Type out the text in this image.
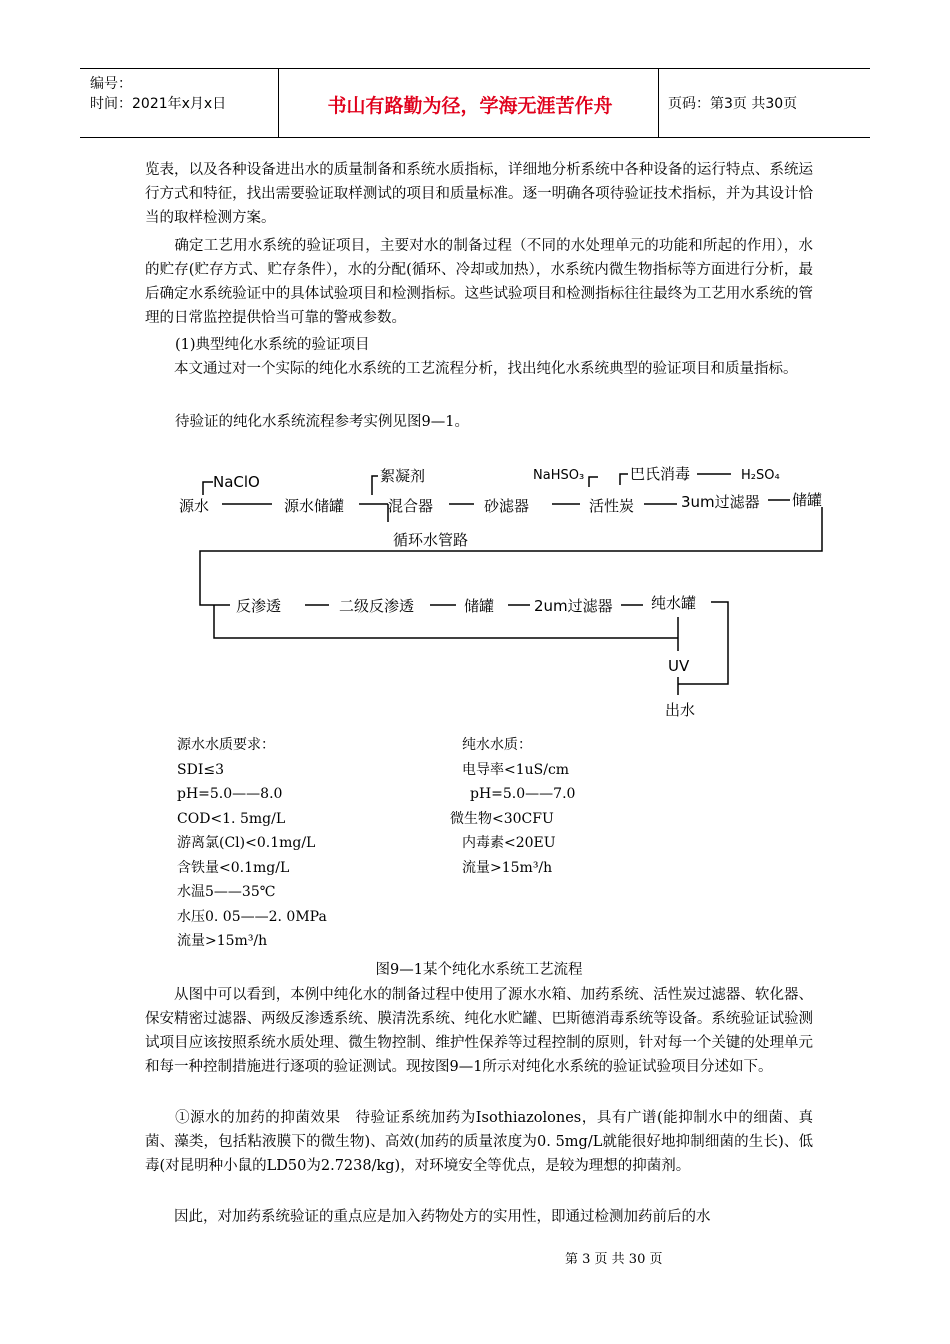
编号：
时间：2021年x月x日	书山有路勤为径，学海无涯苦作舟	页码：第3页 共30页

览表，以及各种设备进出水的质量制备和系统水质指标，详细地分析系统中各种设备的运行特点、系统运行方式和特征，找出需要验证取样测试的项目和质量标准。逐一明确各项待验证技术指标，并为其设计恰当的取样检测方案。

　　确定工艺用水系统的验证项目，主要对水的制备过程（不同的水处理单元的功能和所起的作用），水的贮存(贮存方式、贮存条件），水的分配(循环、冷却或加热），水系统内微生物指标等方面进行分析，最后确定水系统验证中的具体试验项目和检测指标。这些试验项目和检测指标往往最终为工艺用水系统的管理的日常监控提供恰当可靠的警戒参数。

(1)典型纯化水系统的验证项目

　　本文通过对一个实际的纯化水系统的工艺流程分析，找出纯化水系统典型的验证项目和质量指标。

待验证的纯化水系统流程参考实例见图9—1。
NaClO
源水	源水储罐
絮凝剂
混合器	砂滤器
NaHSO₃	巴氏消毒	H₂SO₄
活性炭	3um过滤器 储罐
循环水管路
反渗透	二级反渗透	储罐	2um过滤器	纯水罐
UV
出水
源水水质要求：
SDI≤3
pH=5.0——8.0
COD<1. 5mg/L
游离氯(Cl)<0.1mg/L
含铁量<0.1mg/L
水温5——35℃
水压0. 05——2. 0MPa
流量>15m³/h
纯水水质：
电导率<1uS/cm
pH=5.0——7.0
微生物<30CFU
内毒素<20EU
流量>15m³/h
图9—1某个纯化水系统工艺流程

　　从图中可以看到，本例中纯化水的制备过程中使用了源水水箱、加药系统、活性炭过滤器、软化器、保安精密过滤器、两级反渗透系统、膜清洗系统、纯化水贮罐、巴斯德消毒系统等设备。系统验证试验测试项目应该按照系统水质处理、微生物控制、维护性保养等过程控制的原则，针对每一个关键的处理单元和每一种控制措施进行逐项的验证测试。现按图9—1所示对纯化水系统的验证试验项目分述如下。

　　①源水的加药的抑菌效果　待验证系统加药为Isothiazolones，具有广谱(能抑制水中的细菌、真菌、藻类，包括粘液膜下的微生物)、高效(加药的质量浓度为0. 5mg/L就能很好地抑制细菌的生长)、低毒(对昆明种小鼠的LD50为2.7238/kg)，对环境安全等优点，是较为理想的抑菌剂。

　　因此，对加药系统验证的重点应是加入药物处方的实用性，即通过检测加药前后的水

第 3 页 共 30 页
